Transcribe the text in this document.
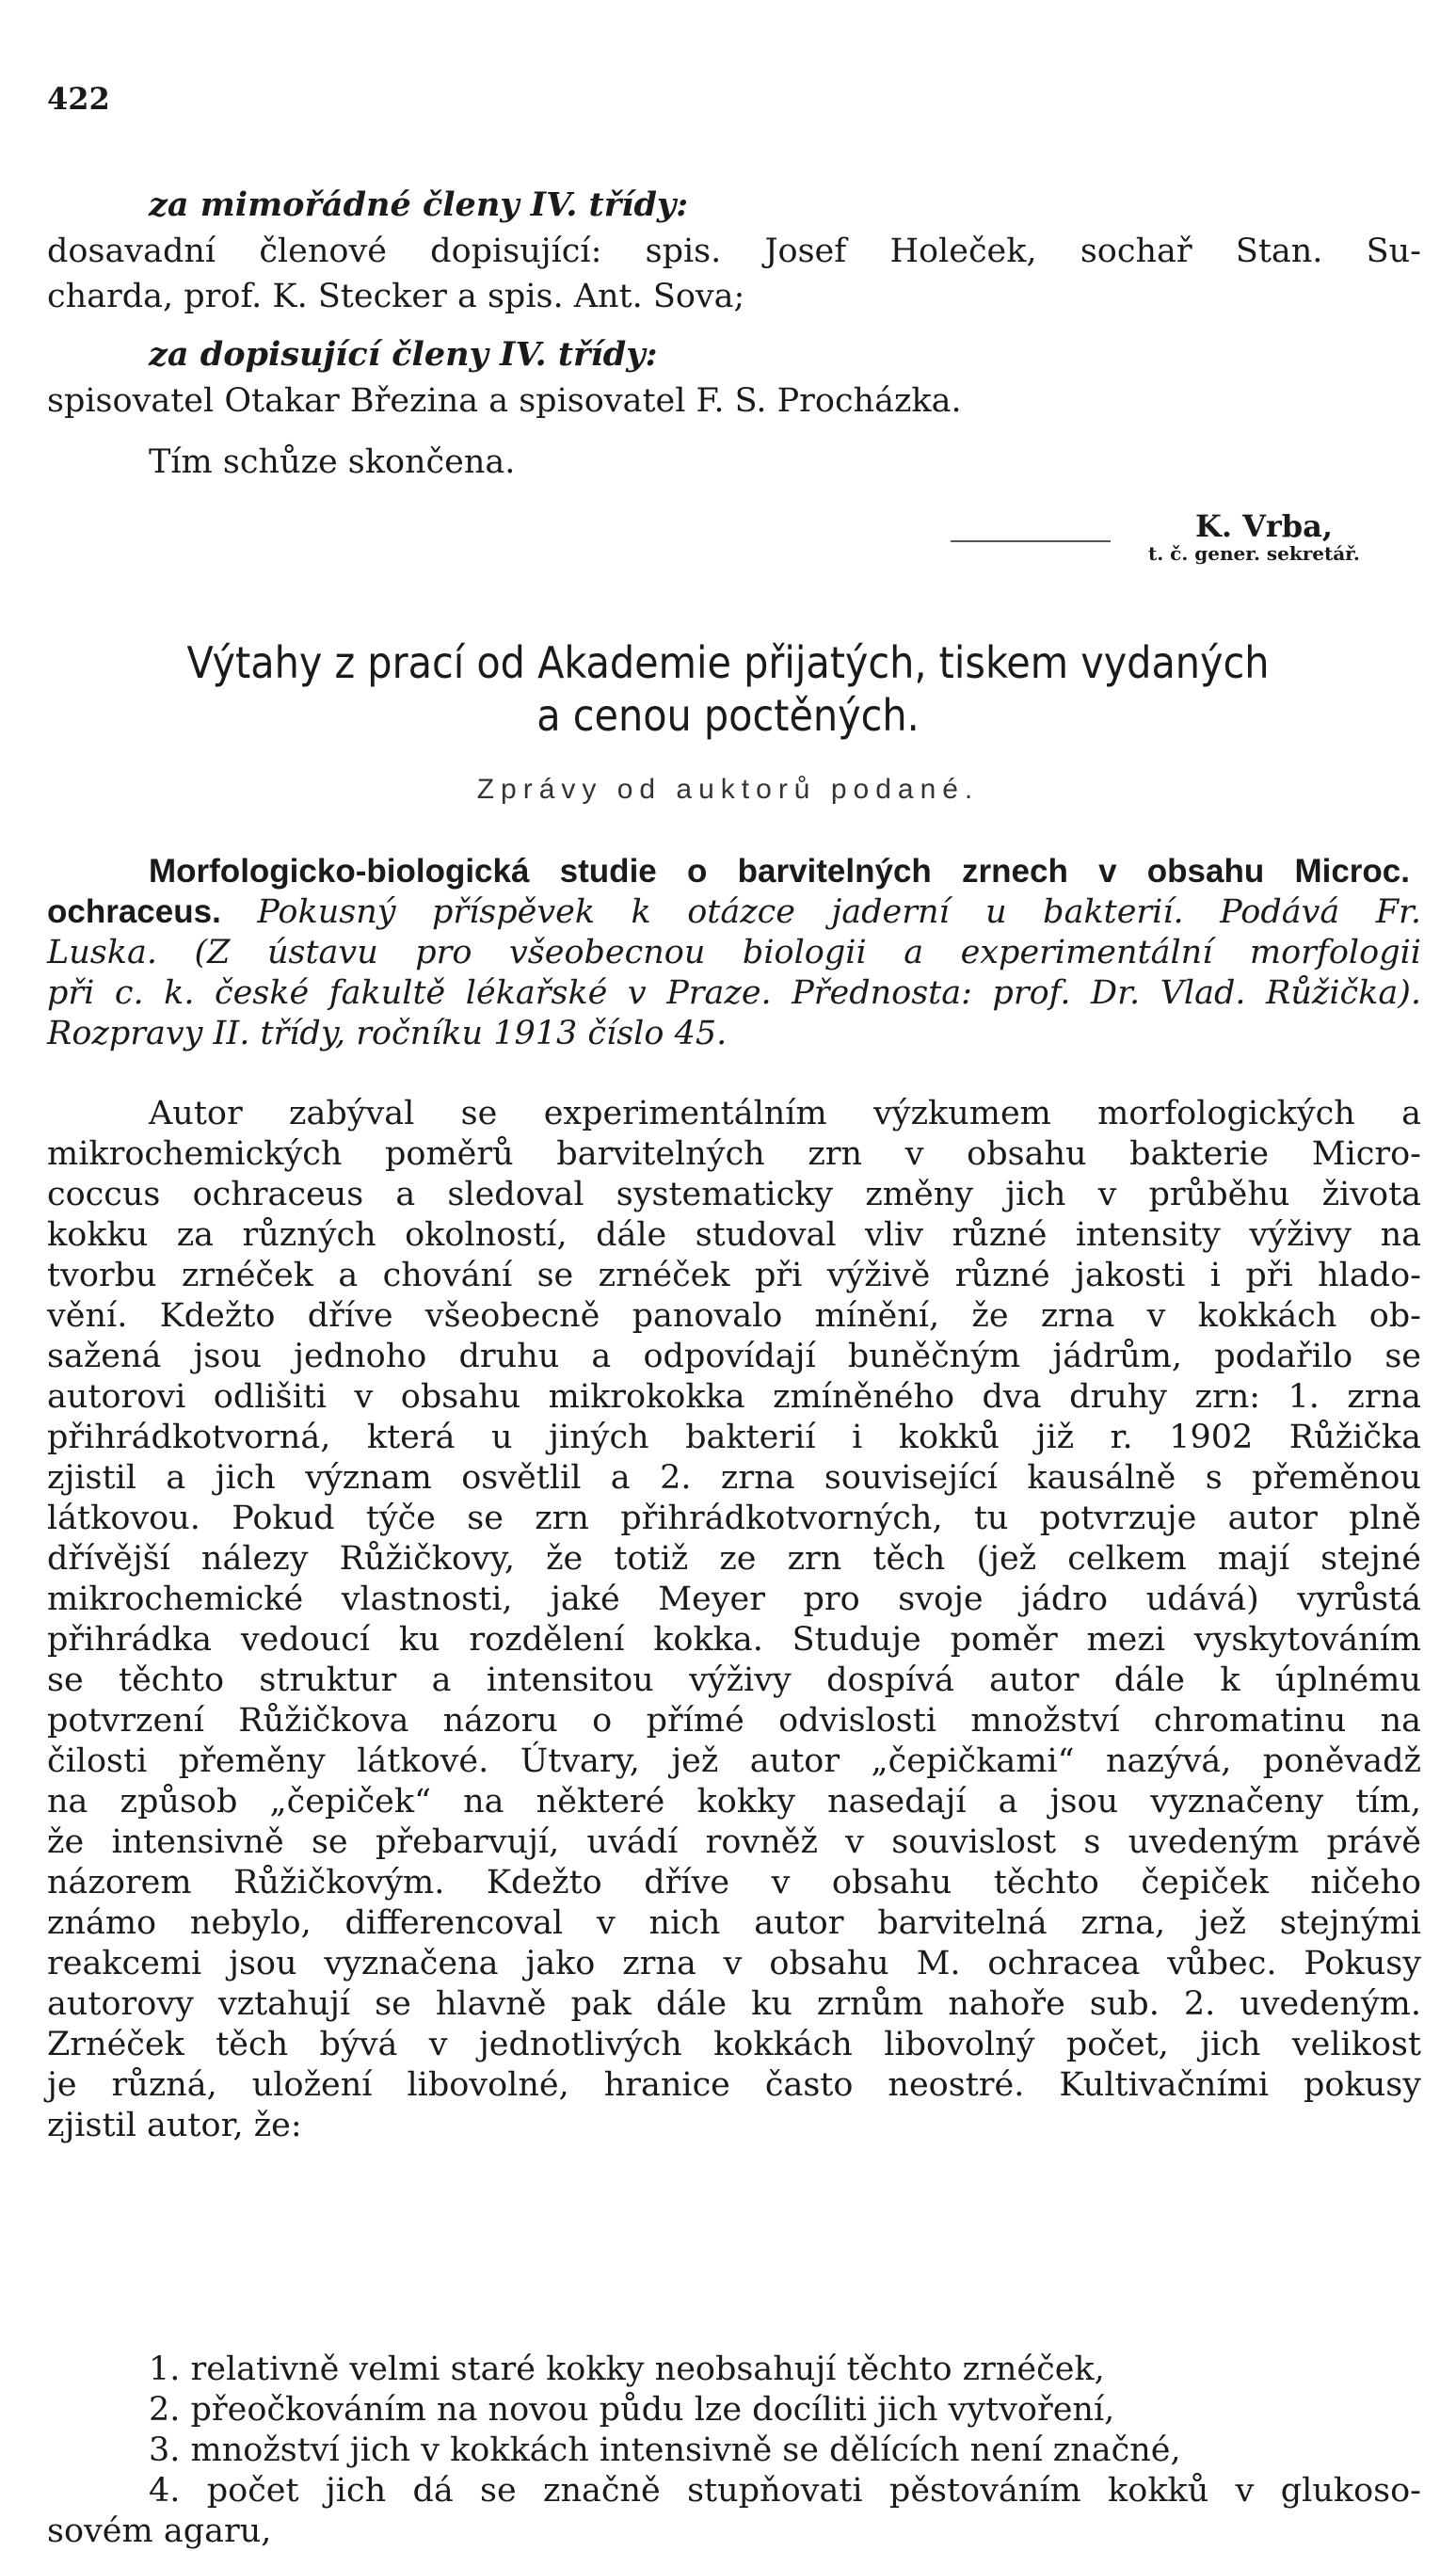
422
za mimořádné členy IV. třídy:
dosavadní členové dopisující: spis. Josef Holeček, sochař Stan. Su-
charda, prof. K. Stecker a spis. Ant. Sova;
za dopisující členy IV. třídy:
spisovatel Otakar Březina a spisovatel F. S. Procházka.
Tím schůze skončena.
K. Vrba,
t. č. gener. sekretář.
Výtahy z prací od Akademie přijatých, tiskem vydaných
a cenou poctěných.
Zprávy od auktorů podané.
Morfologicko-biologická studie o barvitelných zrnech v obsahu Microc.
ochraceus. Pokusný příspěvek k otázce jaderní u bakterií. Podává Fr.
Luska. (Z ústavu pro všeobecnou biologii a experimentální morfologii
při c. k. české fakultě lékařské v Praze. Přednosta: prof. Dr. Vlad. Růžička).
Rozpravy II. třídy, ročníku 1913 číslo 45.
Autor zabýval se experimentálním výzkumem morfologických a
mikrochemických poměrů barvitelných zrn v obsahu bakterie Micro-
coccus ochraceus a sledoval systematicky změny jich v průběhu života
kokku za různých okolností, dále studoval vliv různé intensity výživy na
tvorbu zrnéček a chování se zrnéček při výživě různé jakosti i při hlado-
vění. Kdežto dříve všeobecně panovalo mínění, že zrna v kokkách ob-
sažená jsou jednoho druhu a odpovídají buněčným jádrům, podařilo se
autorovi odlišiti v obsahu mikrokokka zmíněného dva druhy zrn: 1. zrna
přihrádkotvorná, která u jiných bakterií i kokků již r. 1902 Růžička
zjistil a jich význam osvětlil a 2. zrna související kausálně s přeměnou
látkovou. Pokud týče se zrn přihrádkotvorných, tu potvrzuje autor plně
dřívější nálezy Růžičkovy, že totiž ze zrn těch (jež celkem mají stejné
mikrochemické vlastnosti, jaké Meyer pro svoje jádro udává) vyrůstá
přihrádka vedoucí ku rozdělení kokka. Studuje poměr mezi vyskytováním
se těchto struktur a intensitou výživy dospívá autor dále k úplnému
potvrzení Růžičkova názoru o přímé odvislosti množství chromatinu na
čilosti přeměny látkové. Útvary, jež autor „čepičkami“ nazývá, poněvadž
na způsob „čepiček“ na některé kokky nasedají a jsou vyznačeny tím,
že intensivně se přebarvují, uvádí rovněž v souvislost s uvedeným právě
názorem Růžičkovým. Kdežto dříve v obsahu těchto čepiček ničeho
známo nebylo, differencoval v nich autor barvitelná zrna, jež stejnými
reakcemi jsou vyznačena jako zrna v obsahu M. ochracea vůbec. Pokusy
autorovy vztahují se hlavně pak dále ku zrnům nahoře sub. 2. uvedeným.
Zrnéček těch bývá v jednotlivých kokkách libovolný počet, jich velikost
je různá, uložení libovolné, hranice často neostré. Kultivačními pokusy
zjistil autor, že:
1. relativně velmi staré kokky neobsahují těchto zrnéček,
2. přeočkováním na novou půdu lze docíliti jich vytvoření,
3. množství jich v kokkách intensivně se dělících není značné,
4. počet jich dá se značně stupňovati pěstováním kokků v glukoso-
sovém agaru,
